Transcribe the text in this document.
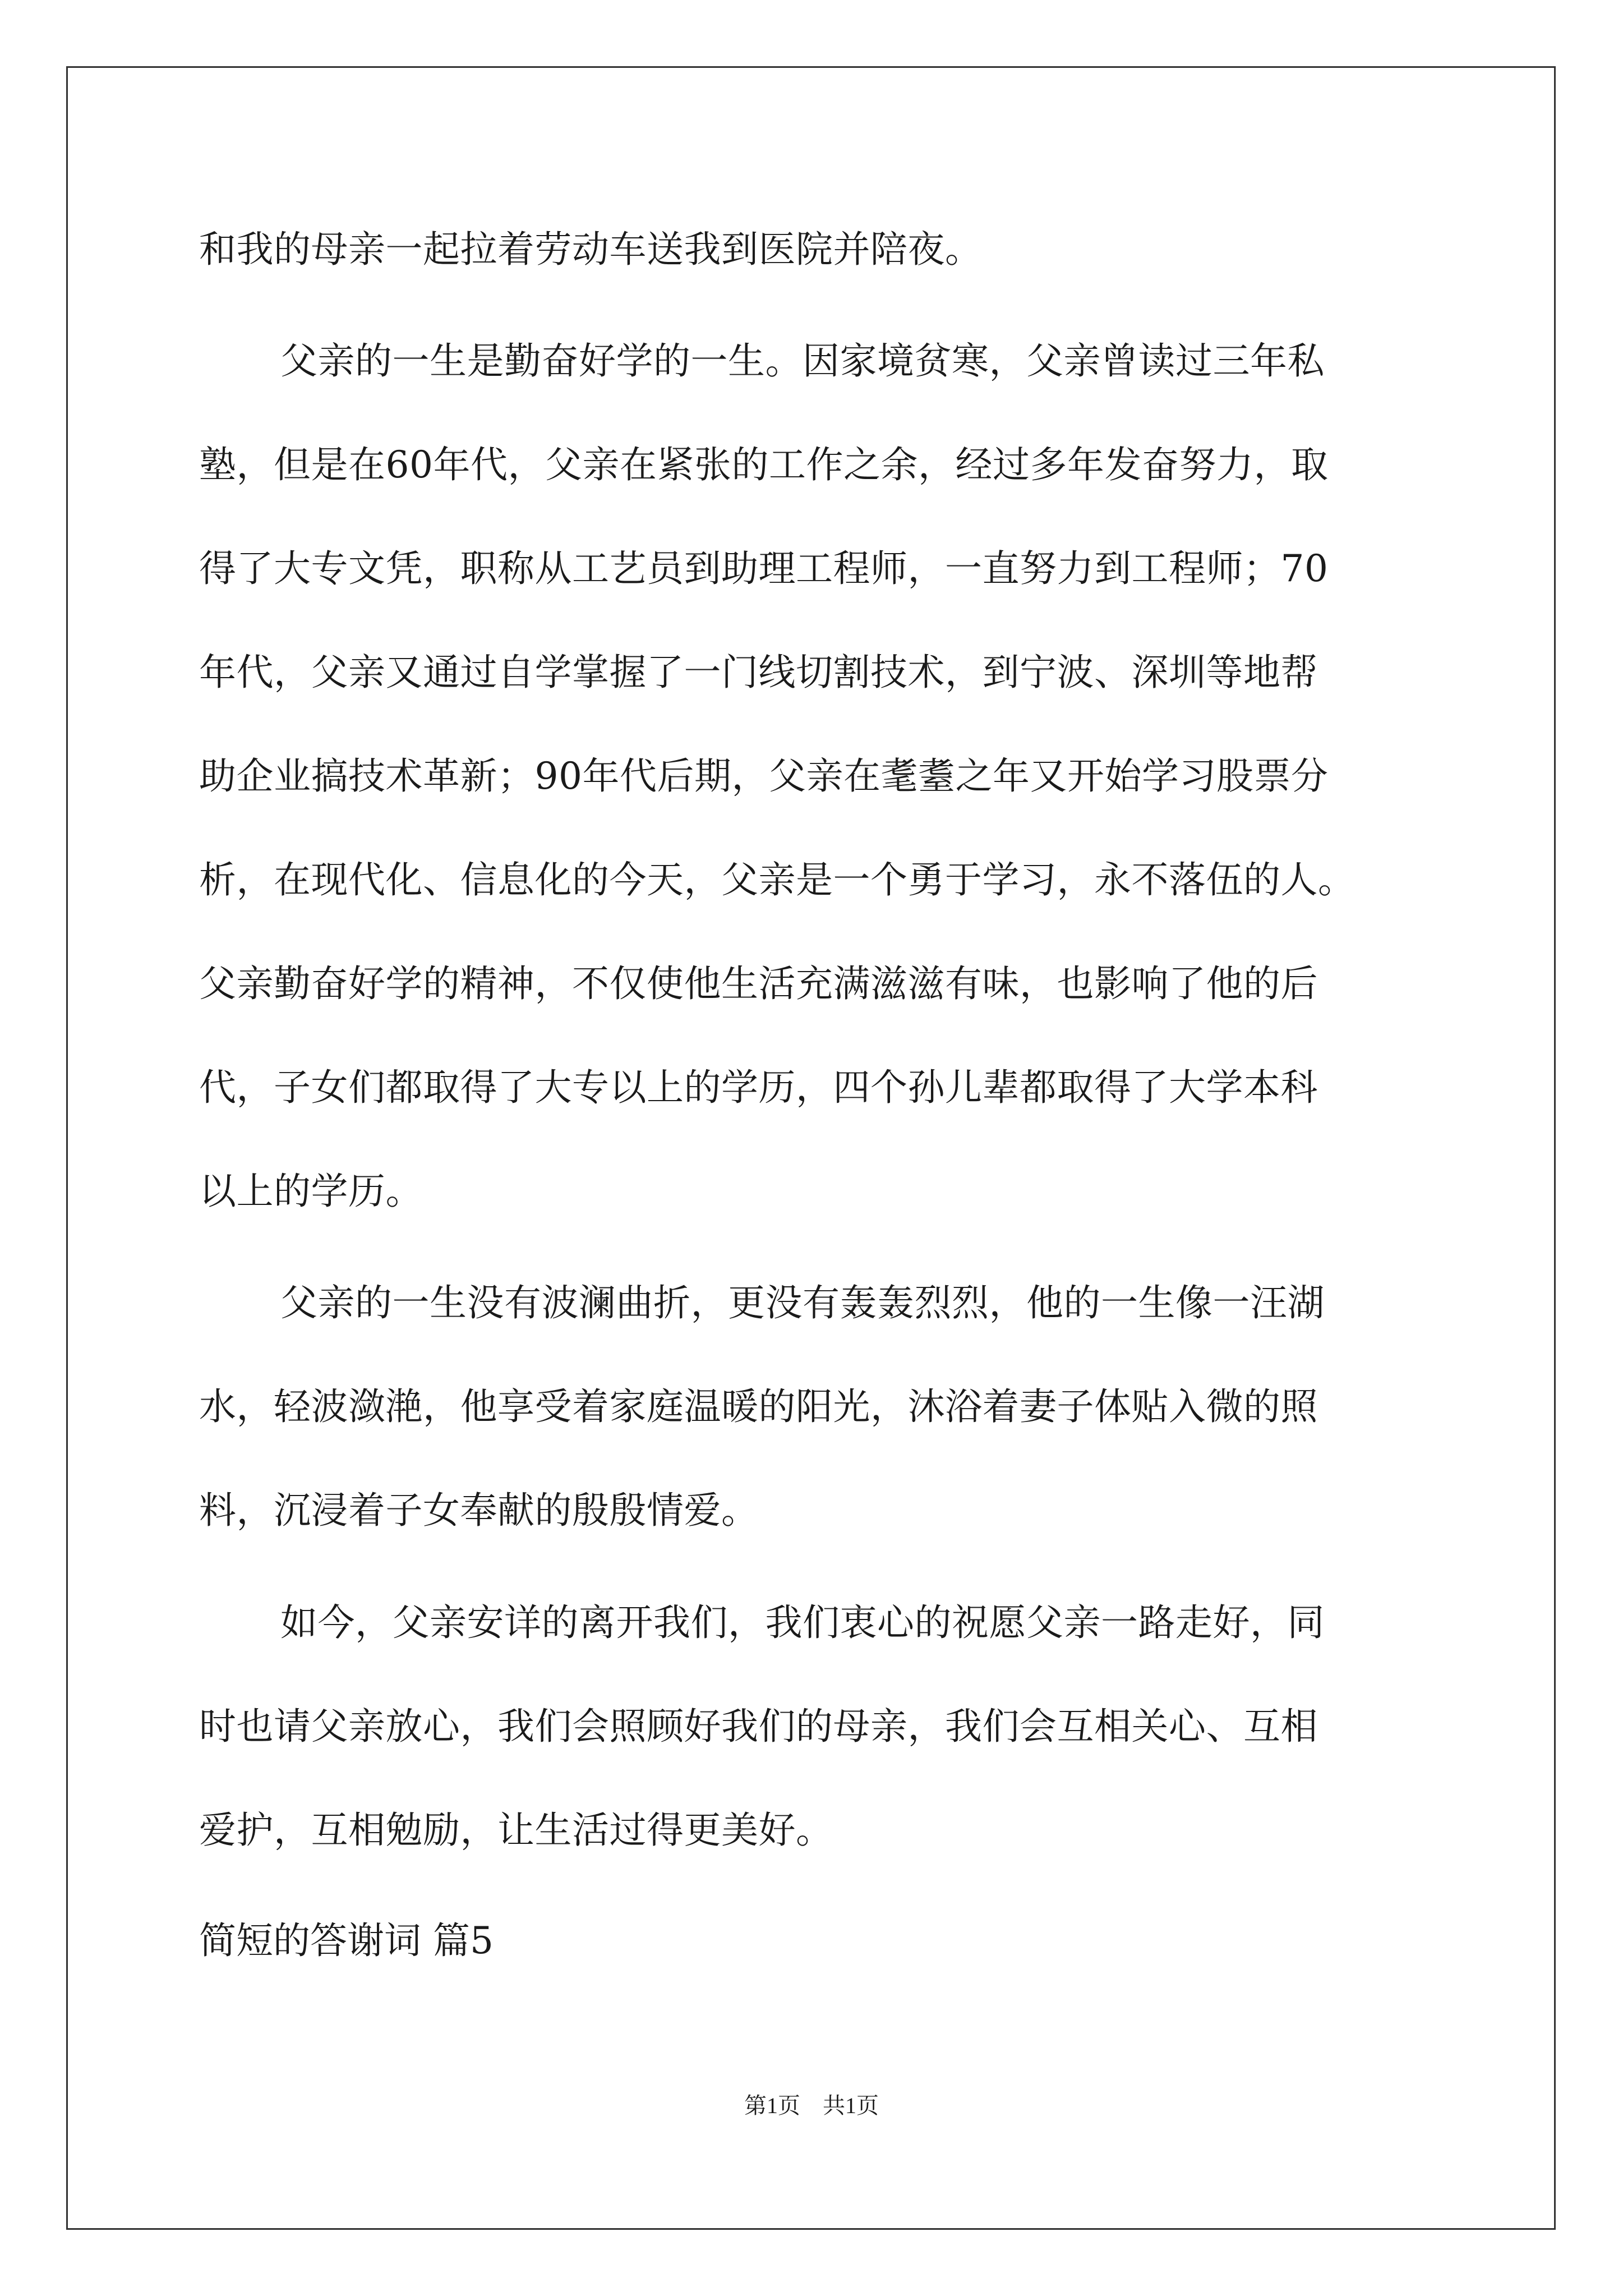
和我的母亲一起拉着劳动车送我到医院并陪夜。
父亲的一生是勤奋好学的一生。因家境贫寒，父亲曾读过三年私
塾，但是在60年代，父亲在紧张的工作之余，经过多年发奋努力，取
得了大专文凭，职称从工艺员到助理工程师，一直努力到工程师；70
年代，父亲又通过自学掌握了一门线切割技术，到宁波、深圳等地帮
助企业搞技术革新；90年代后期，父亲在耄耋之年又开始学习股票分
析，在现代化、信息化的今天，父亲是一个勇于学习，永不落伍的人。
父亲勤奋好学的精神，不仅使他生活充满滋滋有味，也影响了他的后
代，子女们都取得了大专以上的学历，四个孙儿辈都取得了大学本科
以上的学历。
父亲的一生没有波澜曲折，更没有轰轰烈烈，他的一生像一汪湖
水，轻波潋滟，他享受着家庭温暖的阳光，沐浴着妻子体贴入微的照
料，沉浸着子女奉献的殷殷情爱。
如今，父亲安详的离开我们，我们衷心的祝愿父亲一路走好，同
时也请父亲放心，我们会照顾好我们的母亲，我们会互相关心、互相
爱护，互相勉励，让生活过得更美好。
简短的答谢词 篇5
第1页　共1页
